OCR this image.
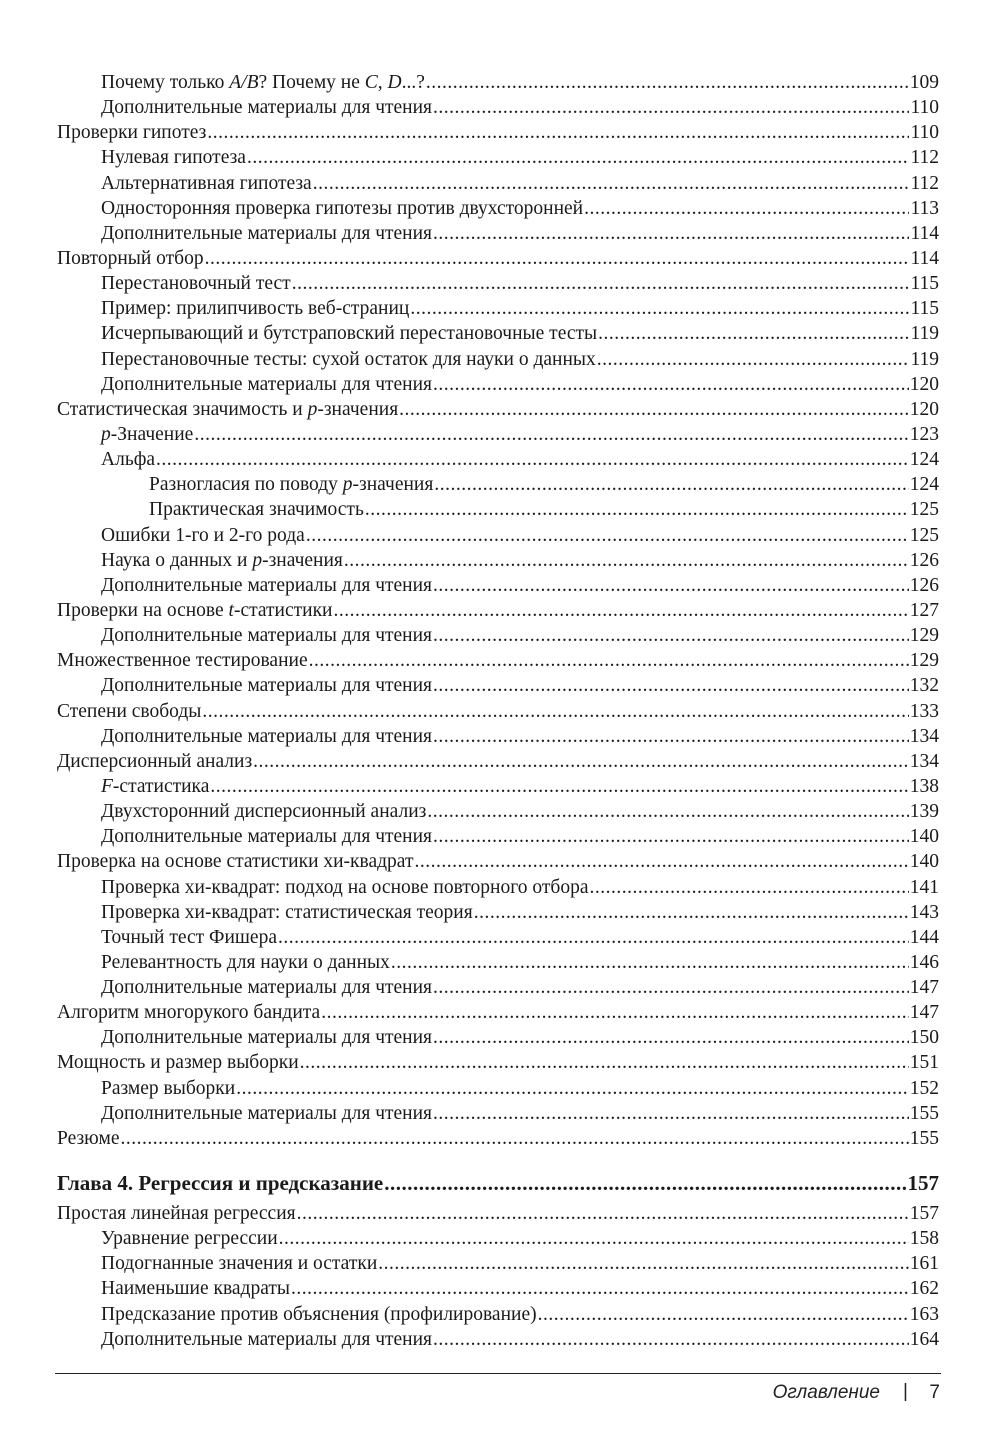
Почему только A/B? Почему не C, D...? .....	109
Дополнительные материалы для чтения .....	110
Проверки гипотез .....	110
Нулевая гипотеза .....	112
Альтернативная гипотеза .....	112
Односторонняя проверка гипотезы против двухсторонней .....	113
Дополнительные материалы для чтения .....	114
Повторный отбор .....	114
Перестановочный тест .....	115
Пример: прилипчивость веб-страниц .....	115
Исчерпывающий и бутстраповский перестановочные тесты .....	119
Перестановочные тесты: сухой остаток для науки о данных .....	119
Дополнительные материалы для чтения .....	120
Статистическая значимость и p-значения .....	120
p-Значение .....	123
Альфа .....	124
Разногласия по поводу p-значения .....	124
Практическая значимость .....	125
Ошибки 1-го и 2-го рода .....	125
Наука о данных и p-значения .....	126
Дополнительные материалы для чтения .....	126
Проверки на основе t-статистики .....	127
Дополнительные материалы для чтения .....	129
Множественное тестирование .....	129
Дополнительные материалы для чтения .....	132
Степени свободы .....	133
Дополнительные материалы для чтения .....	134
Дисперсионный анализ .....	134
F-статистика .....	138
Двухсторонний дисперсионный анализ .....	139
Дополнительные материалы для чтения .....	140
Проверка на основе статистики хи-квадрат .....	140
Проверка хи-квадрат: подход на основе повторного отбора .....	141
Проверка хи-квадрат: статистическая теория .....	143
Точный тест Фишера .....	144
Релевантность для науки о данных .....	146
Дополнительные материалы для чтения .....	147
Алгоритм многорукого бандита .....	147
Дополнительные материалы для чтения .....	150
Мощность и размер выборки .....	151
Размер выборки .....	152
Дополнительные материалы для чтения .....	155
Резюме .....	155
Глава 4. Регрессия и предсказание .....	157
Простая линейная регрессия .....	157
Уравнение регрессии .....	158
Подогнанные значения и остатки .....	161
Наименьшие квадраты .....	162
Предсказание против объяснения (профилирование) .....	163
Дополнительные материалы для чтения .....	164
Оглавление | 7
